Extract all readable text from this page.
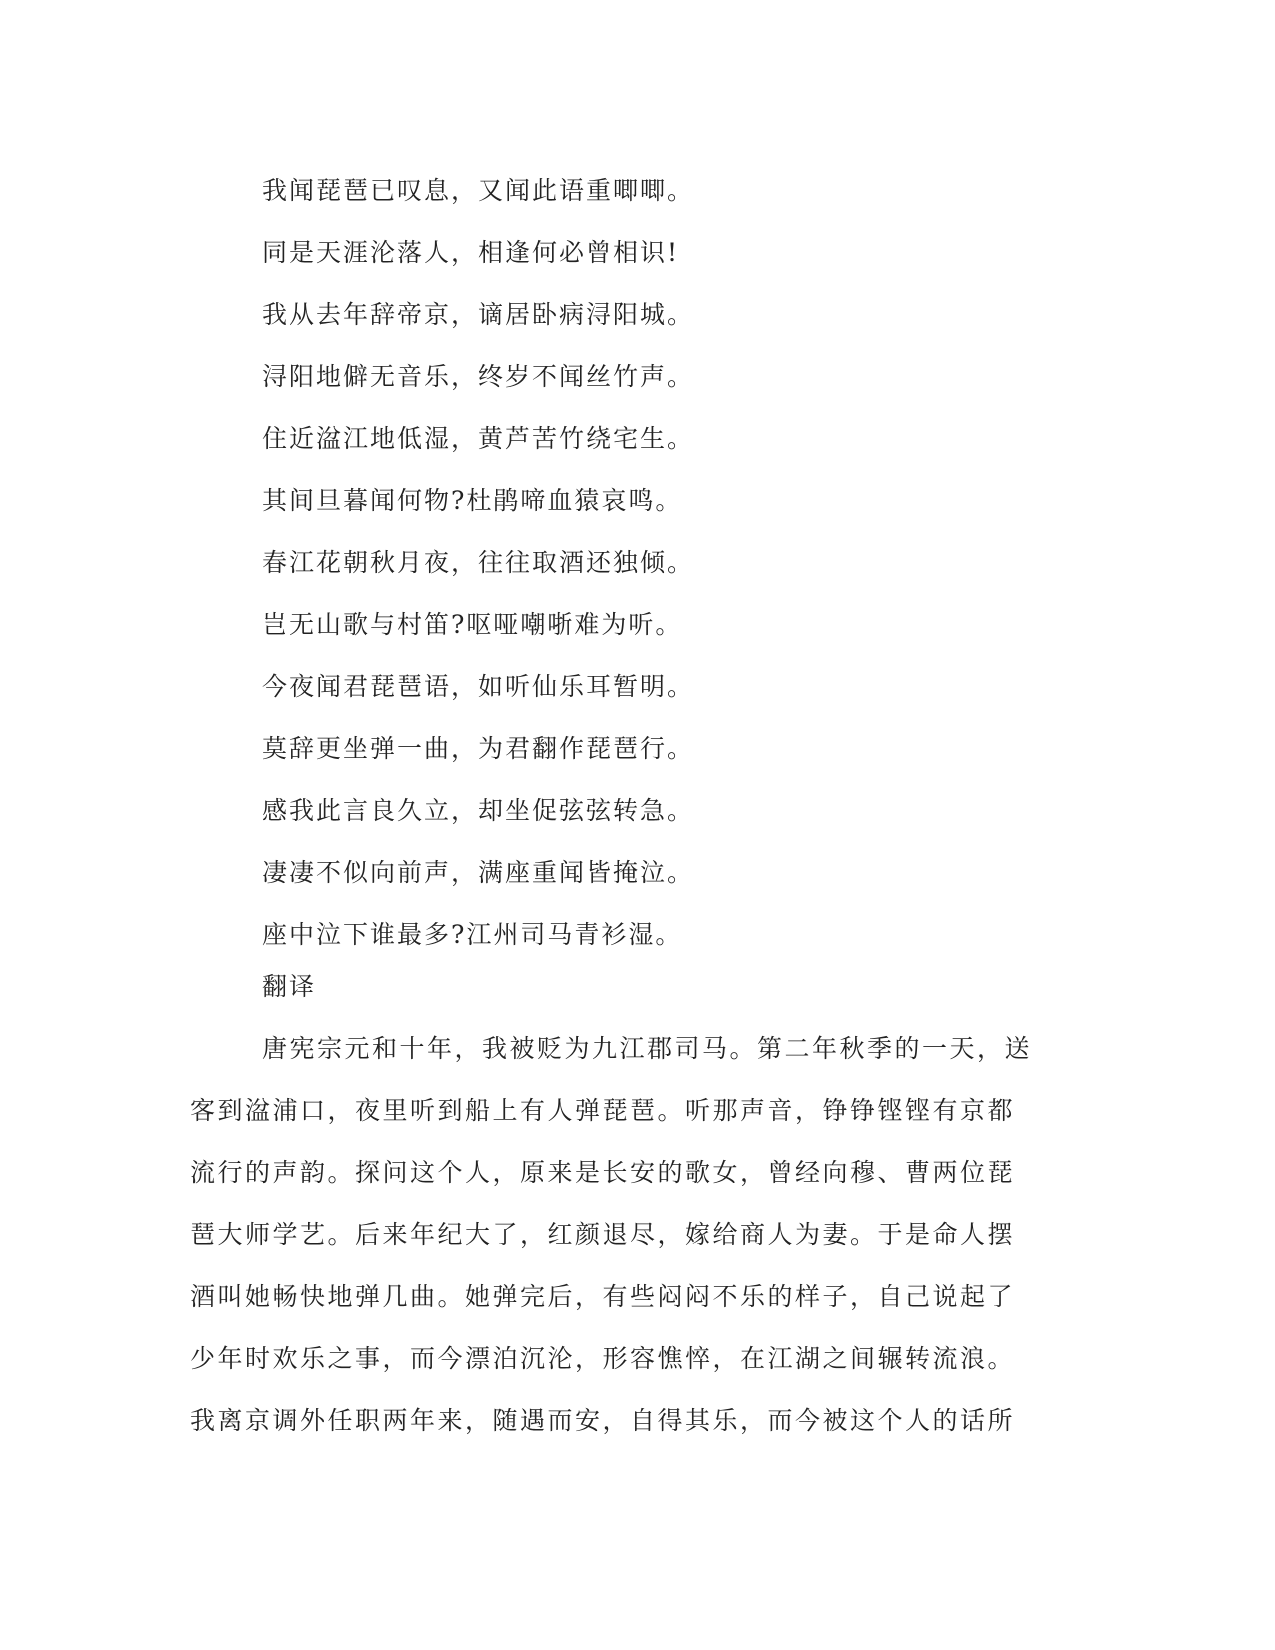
我闻琵琶已叹息，又闻此语重唧唧。
同是天涯沦落人，相逢何必曾相识!
我从去年辞帝京，谪居卧病浔阳城。
浔阳地僻无音乐，终岁不闻丝竹声。
住近湓江地低湿，黄芦苦竹绕宅生。
其间旦暮闻何物?杜鹃啼血猿哀鸣。
春江花朝秋月夜，往往取酒还独倾。
岂无山歌与村笛?呕哑嘲哳难为听。
今夜闻君琵琶语，如听仙乐耳暂明。
莫辞更坐弹一曲，为君翻作琵琶行。
感我此言良久立，却坐促弦弦转急。
凄凄不似向前声，满座重闻皆掩泣。
座中泣下谁最多?江州司马青衫湿。
翻译
唐宪宗元和十年，我被贬为九江郡司马。第二年秋季的一天，送
客到湓浦口，夜里听到船上有人弹琵琶。听那声音，铮铮铿铿有京都
流行的声韵。探问这个人，原来是长安的歌女，曾经向穆、曹两位琵
琶大师学艺。后来年纪大了，红颜退尽，嫁给商人为妻。于是命人摆
酒叫她畅快地弹几曲。她弹完后，有些闷闷不乐的样子，自己说起了
少年时欢乐之事，而今漂泊沉沦，形容憔悴，在江湖之间辗转流浪。
我离京调外任职两年来，随遇而安，自得其乐，而今被这个人的话所
